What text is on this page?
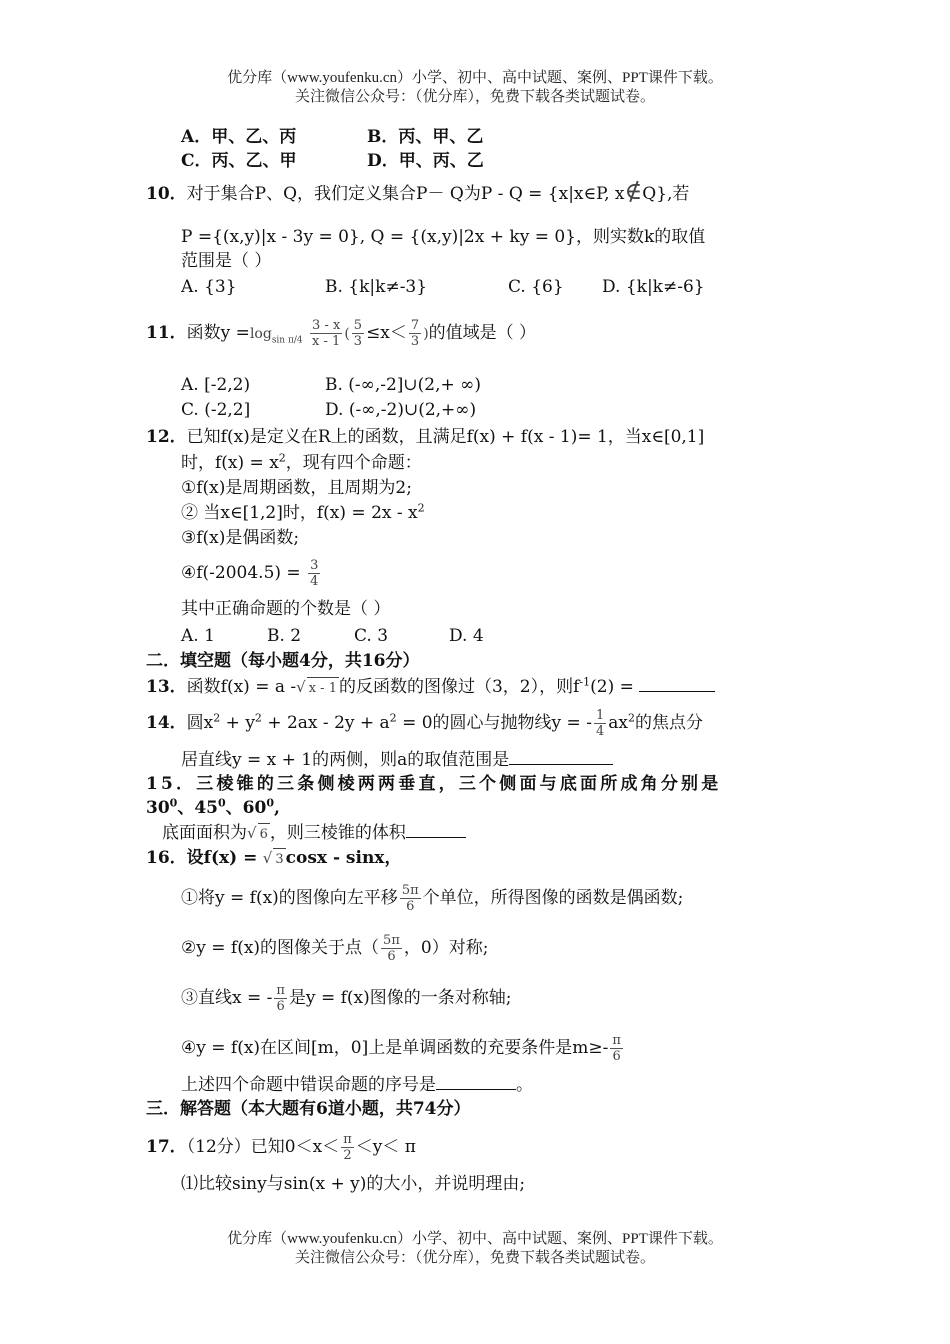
优分库（www.youfenku.cn）小学、初中、高中试题、案例、PPT课件下载。
关注微信公众号：（优分库），免费下载各类试题试卷。
A．甲、乙、丙	B．丙、甲、乙
C．丙、乙、甲	D．甲、丙、乙
10．对于集合P、Q，我们定义集合P－ Q为P - Q = {x|x∈P, x∉Q},若
P ={(x,y)|x - 3y = 0}, Q = {(x,y)|2x + ky = 0}，则实数k的取值
范围是（ ）
A. {3}	B. {k|k≠-3}	C. {6} D. {k|k≠-6}
11．函数$y =\log_{sin \pi/4} \frac{3 - x}{x - 1}$ ( $\frac{5}{3} \le x< \frac{7}{3}$ )的值域是（ ）
A. [-2,2)	B. (-∞,-2]∪(2,+ ∞)
C. (-2,2]	D. (-∞,-2)∪(2,+∞)
12．已知f(x)是定义在R上的函数，且满足f(x) + f(x - 1)= 1，当x∈[0,1]
时，$f(x) = x^2$，现有四个命题：
①f(x)是周期函数，且周期为2;
② 当x∈[1,2]时，$f(x) = 2x - x^2$
③f(x)是偶函数;
④f(-2004.5) = $\frac{3}{4}$
其中正确命题的个数是（ ）
A. 1	B. 2	C. 3	D. 4
二．填空题（每小题4分，共16分）
13．函数f(x) = a -√ x - 1 的反函数的图像过（3，2），则$f^{-1}(2)$ =
14．圆$x^2 + y^2 + 2ax - 2y + a^2 = 0$的圆心与抛物线y = - $\frac{1}{4} ax^2$的焦点分
居直线y = x + 1的两侧，则a的取值范围是
15．三棱锥的三条侧棱两两垂直，三个侧面与底面所成角分别是
$30^0$、$45^0$、$60^0$,
底面面积为√ 6 ，则三棱锥的体积
16．设f(x) = √ 3 cosx - sinx，
①将y = f(x)的图像向左平移 $\frac{5\pi}{6}$ 个单位，所得图像的函数是偶函数;
②y = f(x)的图像关于点（ $\frac{5\pi}{6}$ ，0）对称;
③直线x = - $\frac{\pi}{6}$ 是y = f(x)图像的一条对称轴;
④y = f(x)在区间[m，0]上是单调函数的充要条件是$m\ge- \frac{\pi}{6}$
上述四个命题中错误命题的序号是	。
三．解答题（本大题有6道小题，共74分）
17．（12分）已知$0<x< \frac{\pi}{2} <y< \pi$
⑴比较siny与sin(x + y)的大小，并说明理由;
优分库（www.youfenku.cn）小学、初中、高中试题、案例、PPT课件下载。
关注微信公众号：（优分库），免费下载各类试题试卷。
